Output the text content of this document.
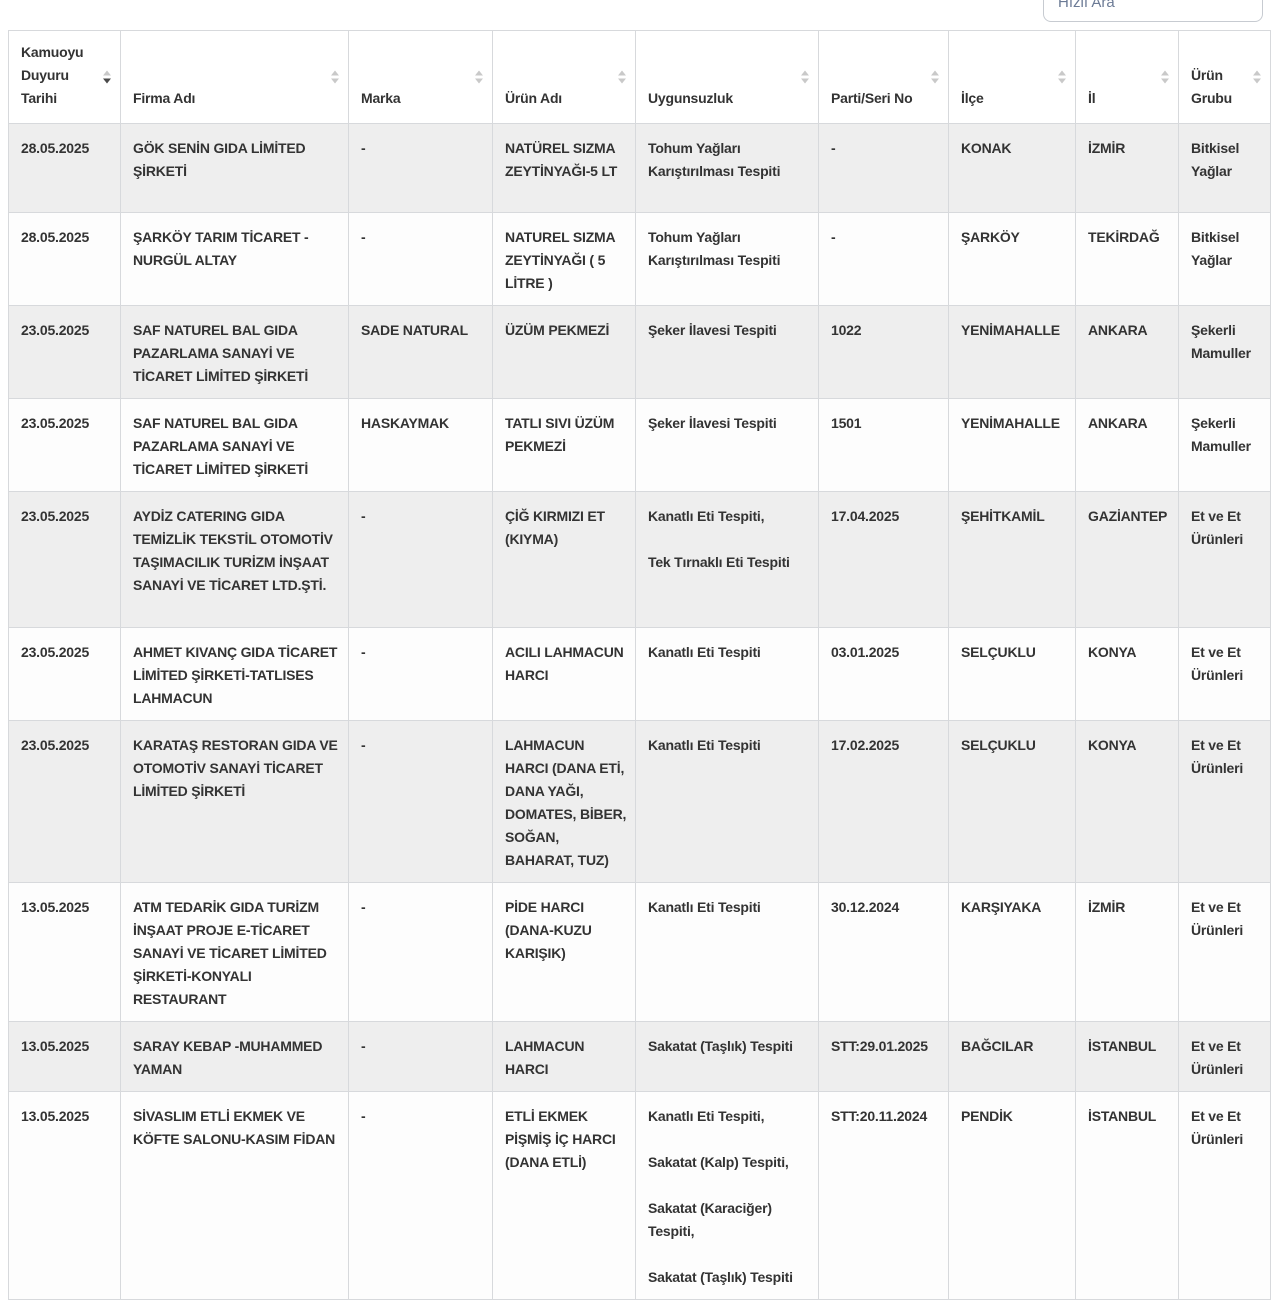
Hızlı Ara
Kamuoyu Duyuru Tarihi	Firma Adı	Marka	Ürün Adı	Uygunsuzluk	Parti/Seri No	İlçe	İl	Ürün Grubu

28.05.2025	GÖK SENİN GIDA LİMİTED ŞİRKETİ	-	NATÜREL SIZMA ZEYTİNYAĞI-5 LT	Tohum Yağları Karıştırılması Tespiti	-	KONAK	İZMİR	Bitkisel Yağlar
28.05.2025	ŞARKÖY TARIM TİCARET - NURGÜL ALTAY	-	NATUREL SIZMA ZEYTİNYAĞI ( 5 LİTRE )	Tohum Yağları Karıştırılması Tespiti	-	ŞARKÖY	TEKİRDAĞ	Bitkisel Yağlar
23.05.2025	SAF NATUREL BAL GIDA PAZARLAMA SANAYİ VE TİCARET LİMİTED ŞİRKETİ	SADE NATURAL	ÜZÜM PEKMEZİ	Şeker İlavesi Tespiti	1022	YENİMAHALLE	ANKARA	Şekerli Mamuller
23.05.2025	SAF NATUREL BAL GIDA PAZARLAMA SANAYİ VE TİCARET LİMİTED ŞİRKETİ	HASKAYMAK	TATLI SIVI ÜZÜM PEKMEZİ	Şeker İlavesi Tespiti	1501	YENİMAHALLE	ANKARA	Şekerli Mamuller
23.05.2025	AYDİZ CATERING GIDA TEMİZLİK TEKSTİL OTOMOTİV TAŞIMACILIK TURİZM İNŞAAT SANAYİ VE TİCARET LTD.ŞTİ.	-	ÇİĞ KIRMIZI ET (KIYMA)	Kanatlı Eti Tespiti,

Tek Tırnaklı Eti Tespiti	17.04.2025	ŞEHİTKAMİL	GAZİANTEP	Et ve Et Ürünleri
23.05.2025	AHMET KIVANÇ GIDA TİCARET LİMİTED ŞİRKETİ-TATLISES LAHMACUN	-	ACILI LAHMACUN HARCI	Kanatlı Eti Tespiti	03.01.2025	SELÇUKLU	KONYA	Et ve Et Ürünleri
23.05.2025	KARATAŞ RESTORAN GIDA VE OTOMOTİV SANAYİ TİCARET LİMİTED ŞİRKETİ	-	LAHMACUN HARCI (DANA ETİ, DANA YAĞI, DOMATES, BİBER, SOĞAN, BAHARAT, TUZ)	Kanatlı Eti Tespiti	17.02.2025	SELÇUKLU	KONYA	Et ve Et Ürünleri
13.05.2025	ATM TEDARİK GIDA TURİZM İNŞAAT PROJE E-TİCARET SANAYİ VE TİCARET LİMİTED ŞİRKETİ-KONYALI RESTAURANT	-	PİDE HARCI (DANA-KUZU KARIŞIK)	Kanatlı Eti Tespiti	30.12.2024	KARŞIYAKA	İZMİR	Et ve Et Ürünleri
13.05.2025	SARAY KEBAP -MUHAMMED YAMAN	-	LAHMACUN HARCI	Sakatat (Taşlık) Tespiti	STT:29.01.2025	BAĞCILAR	İSTANBUL	Et ve Et Ürünleri
13.05.2025	SİVASLIM ETLİ EKMEK VE KÖFTE SALONU-KASIM FİDAN	-	ETLİ EKMEK PİŞMİŞ İÇ HARCI (DANA ETLİ)	Kanatlı Eti Tespiti,

Sakatat (Kalp) Tespiti,

Sakatat (Karaciğer) Tespiti,

Sakatat (Taşlık) Tespiti	STT:20.11.2024	PENDİK	İSTANBUL	Et ve Et Ürünleri
